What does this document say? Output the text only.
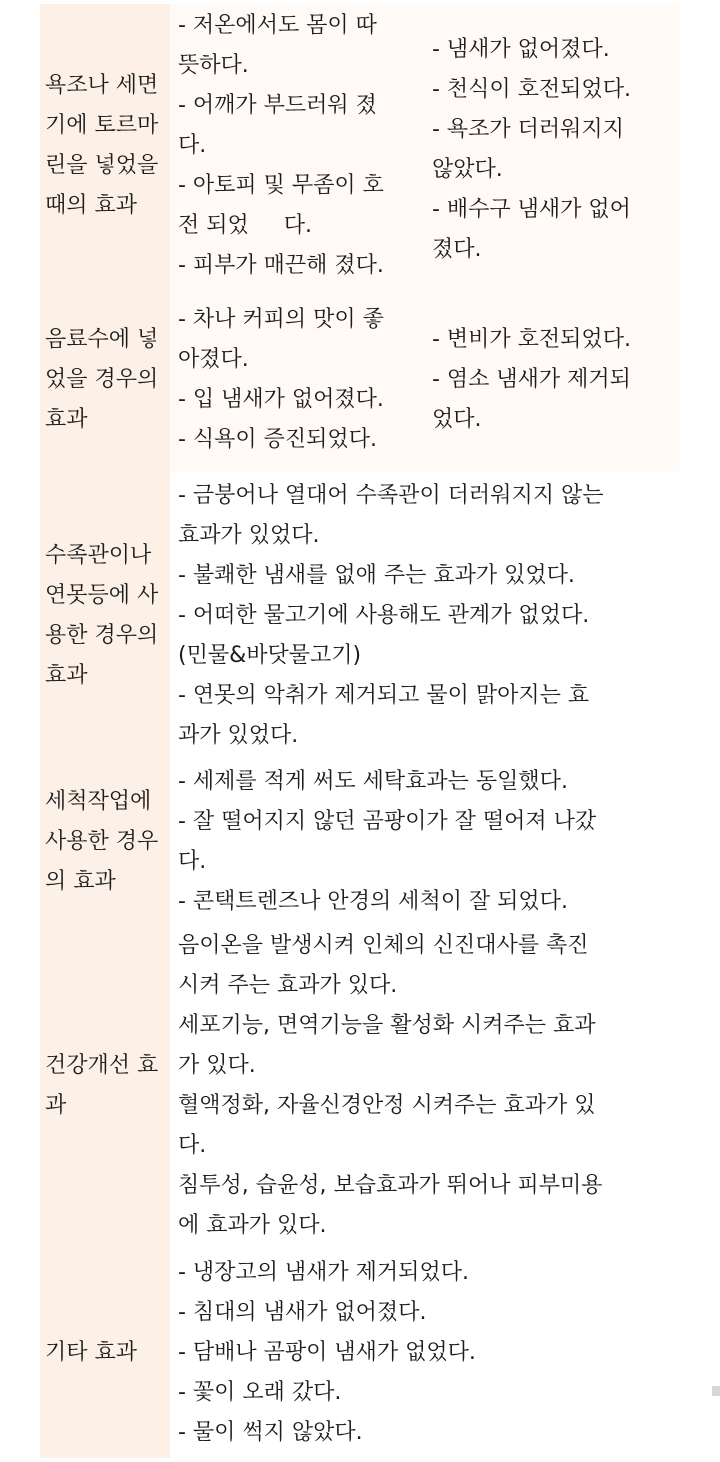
욕조나 세면기에 토르마린을 넣었을 때의 효과
- 저온에서도 몸이 따
뜻하다.
- 어깨가 부드러워 졌
다.
- 아토피 및 무좀이 호
전 되었     다.
- 피부가 매끈해 졌다.
- 냄새가 없어졌다.
- 천식이 호전되었다.
- 욕조가 더러워지지
않았다.
- 배수구 냄새가 없어
졌다.
음료수에 넣었을 경우의 효과
- 차나 커피의 맛이 좋
아졌다.
- 입 냄새가 없어졌다.
- 식욕이 증진되었다.
- 변비가 호전되었다.
- 염소 냄새가 제거되
었다.
수족관이나 연못등에 사용한 경우의 효과
- 금붕어나 열대어 수족관이 더러워지지 않는
효과가 있었다.
- 불쾌한 냄새를 없애 주는 효과가 있었다.
- 어떠한 물고기에 사용해도 관계가 없었다.
(민물&바닷물고기)
- 연못의 악취가 제거되고 물이 맑아지는 효
과가 있었다.
세척작업에 사용한 경우의 효과
- 세제를 적게 써도 세탁효과는 동일했다.
- 잘 떨어지지 않던 곰팡이가 잘 떨어져 나갔
다.
- 콘택트렌즈나 안경의 세척이 잘 되었다.
건강개선 효과
음이온을 발생시켜 인체의 신진대사를 촉진
시켜 주는 효과가 있다.
세포기능, 면역기능을 활성화 시켜주는 효과
가 있다.
혈액정화, 자율신경안정 시켜주는 효과가 있
다.
침투성, 습윤성, 보습효과가 뛰어나 피부미용
에 효과가 있다.
기타 효과
- 냉장고의 냄새가 제거되었다.
- 침대의 냄새가 없어졌다.
- 담배나 곰팡이 냄새가 없었다.
- 꽃이 오래 갔다.
- 물이 썩지 않았다.
